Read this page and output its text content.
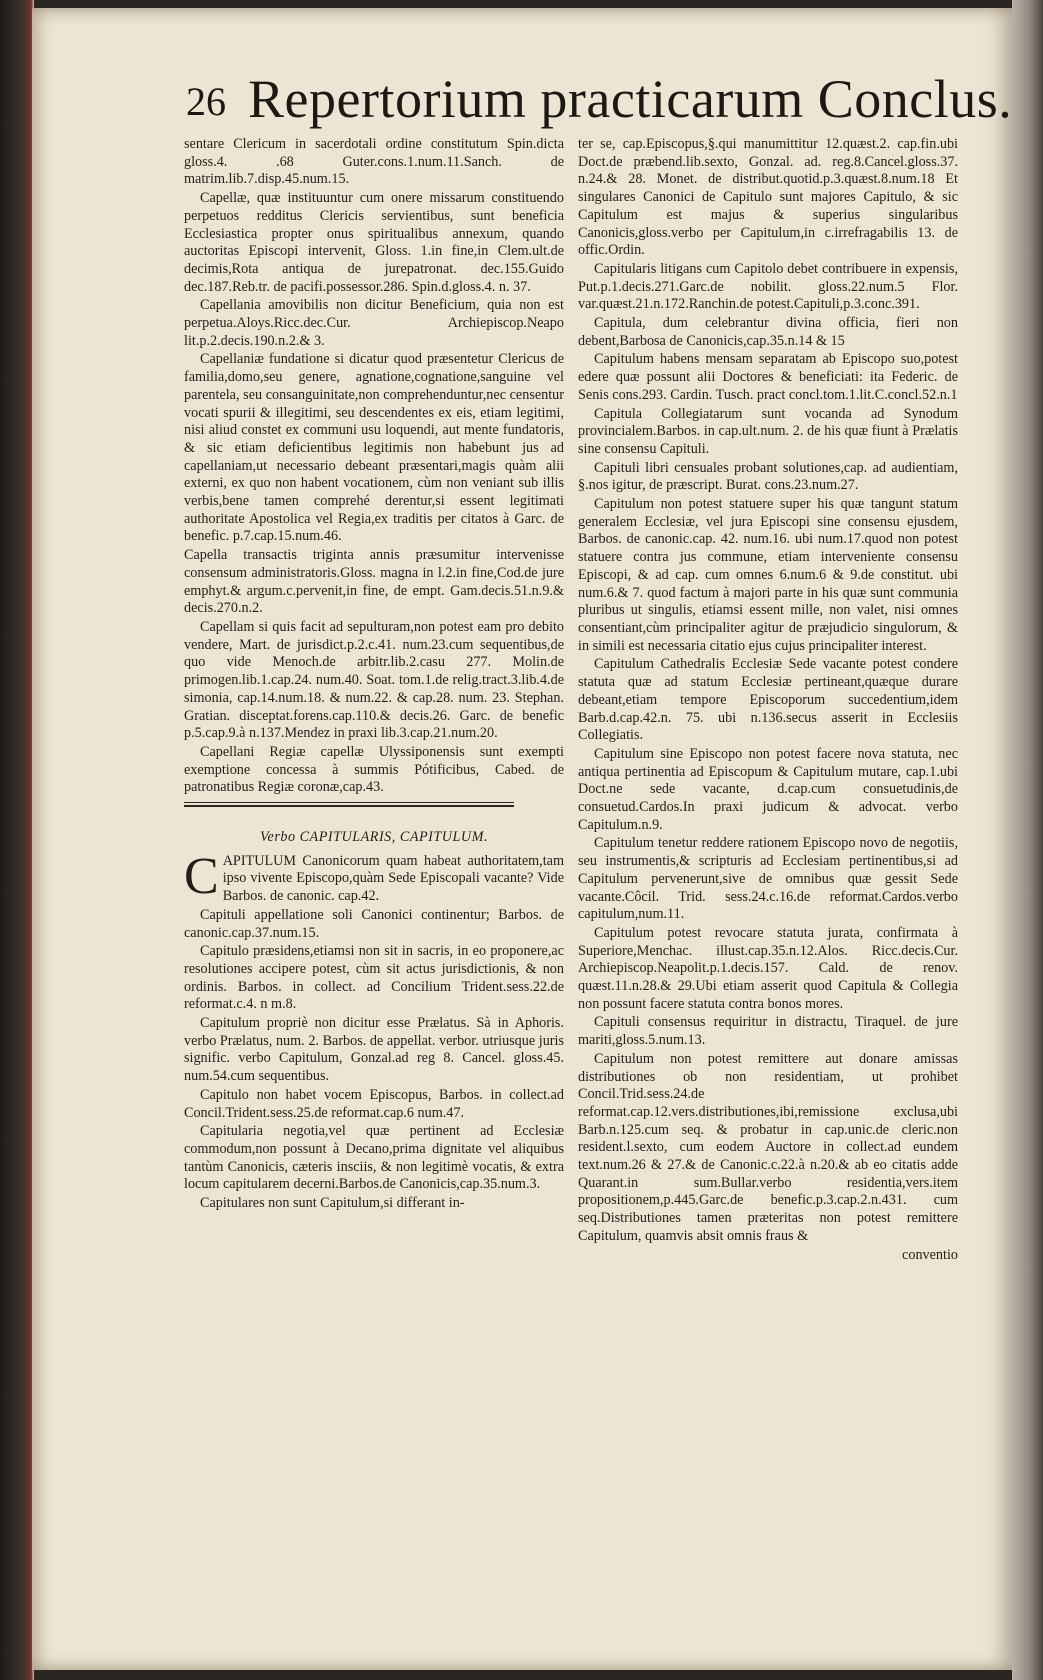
26 Repertorium practicarum Conclus.

sentare Clericum in sacerdotali ordine constitutum Spin.dicta gloss.4. .68 Guter.cons.1.num.11.Sanch. de matrim.lib.7.disp.45.num.15.

Capellæ, quæ instituuntur cum onere missarum constituendo perpetuos redditus Clericis servientibus, sunt beneficia Ecclesiastica propter onus spiritualibus annexum, quando auctoritas Episcopi intervenit, Gloss. 1.in fine,in Clem.ult.de decimis,Rota antiqua de jurepatronat. dec.155.Guido dec.187.Reb.tr. de pacifi.possessor.286. Spin.d.gloss.4. n. 37.

Capellania amovibilis non dicitur Beneficium, quia non est perpetua.Aloys.Ricc.dec.Cur. Archiepiscop.Neapo lit.p.2.decis.190.n.2.& 3.

Capellaniæ fundatione si dicatur quod præsentetur Clericus de familia,domo,seu genere, agnatione,cognatione,sanguine vel parentela, seu consanguinitate,non comprehenduntur,nec censentur vocati spurii & illegitimi, seu descendentes ex eis, etiam legitimi, nisi aliud constet ex communi usu loquendi, aut mente fundatoris, & sic etiam deficientibus legitimis non habebunt jus ad capellaniam,ut necessario debeant præsentari,magis quàm alii externi, ex quo non habent vocationem, cùm non veniant sub illis verbis,bene tamen comprehé derentur,si essent legitimati authoritate Apostolica vel Regia,ex traditis per citatos à Garc. de benefic. p.7.cap.15.num.46.

Capella transactis triginta annis præsumitur intervenisse consensum administratoris.Gloss. magna in l.2.in fine,Cod.de jure emphyt.& argum.c.pervenit,in fine, de empt. Gam.decis.51.n.9.& decis.270.n.2.

Capellam si quis facit ad sepulturam,non potest eam pro debito vendere, Mart. de jurisdict.p.2.c.41. num.23.cum sequentibus,de quo vide Menoch.de arbitr.lib.2.casu 277. Molin.de primogen.lib.1.cap.24. num.40. Soat. tom.1.de relig.tract.3.lib.4.de simonia, cap.14.num.18. & num.22. & cap.28. num. 23. Stephan. Gratian. disceptat.forens.cap.110.& decis.26. Garc. de benefic p.5.cap.9.à n.137.Mendez in praxi lib.3.cap.21.num.20.

Capellani Regiæ capellæ Ulyssiponensis sunt exempti exemptione concessa à summis Pótificibus, Cabed. de patronatibus Regiæ coronæ,cap.43.

Verbo CAPITULARIS, CAPITULUM.

CAPITULUM Canonicorum quam habeat authoritatem,tam ipso vivente Episcopo,quàm Sede Episcopali vacante? Vide Barbos. de canonic. cap.42.

Capituli appellatione soli Canonici continentur; Barbos. de canonic.cap.37.num.15.

Capitulo præsidens,etiamsi non sit in sacris, in eo proponere,ac resolutiones accipere potest, cùm sit actus jurisdictionis, & non ordinis. Barbos. in collect. ad Concilium Trident.sess.22.de reformat.c.4. n m.8.

Capitulum propriè non dicitur esse Prælatus. Sà in Aphoris. verbo Prælatus, num. 2. Barbos. de appellat. verbor. utriusque juris signific. verbo Capitulum, Gonzal.ad reg 8. Cancel. gloss.45. num.54.cum sequentibus.

Capitulo non habet vocem Episcopus, Barbos. in collect.ad Concil.Trident.sess.25.de reformat.cap.6 num.47.

Capitularia negotia,vel quæ pertinent ad Ecclesiæ commodum,non possunt à Decano,prima dignitate vel aliquibus tantùm Canonicis, cæteris insciis, & non legitimè vocatis, & extra locum capitularem decerni.Barbos.de Canonicis,cap.35.num.3.

Capitulares non sunt Capitulum,si differant in-

ter se, cap.Episcopus,§.qui manumittitur 12.quæst.2. cap.fin.ubi Doct.de præbend.lib.sexto, Gonzal. ad. reg.8.Cancel.gloss.37. n.24.& 28. Monet. de distribut.quotid.p.3.quæst.8.num.18 Et singulares Canonici de Capitulo sunt majores Capitulo, & sic Capitulum est majus & superius singularibus Canonicis,gloss.verbo per Capitulum,in c.irrefragabilis 13. de offic.Ordin.

Capitularis litigans cum Capitolo debet contribuere in expensis, Put.p.1.decis.271.Garc.de nobilit. gloss.22.num.5 Flor. var.quæst.21.n.172.Ranchin.de potest.Capituli,p.3.conc.391.

Capitula, dum celebrantur divina officia, fieri non debent,Barbosa de Canonicis,cap.35.n.14 & 15

Capitulum habens mensam separatam ab Episcopo suo,potest edere quæ possunt alii Doctores & beneficiati: ita Federic. de Senis cons.293. Cardin. Tusch. pract concl.tom.1.lit.C.concl.52.n.1

Capitula Collegiatarum sunt vocanda ad Synodum provincialem.Barbos. in cap.ult.num. 2. de his quæ fiunt à Prælatis sine consensu Capituli.

Capituli libri censuales probant solutiones,cap. ad audientiam, §.nos igitur, de præscript. Burat. cons.23.num.27.

Capitulum non potest statuere super his quæ tangunt statum generalem Ecclesiæ, vel jura Episcopi sine consensu ejusdem, Barbos. de canonic.cap. 42. num.16. ubi num.17.quod non potest statuere contra jus commune, etiam interveniente consensu Episcopi, & ad cap. cum omnes 6.num.6 & 9.de constitut. ubi num.6.& 7. quod factum à majori parte in his quæ sunt communia pluribus ut singulis, etiamsi essent mille, non valet, nisi omnes consentiant,cùm principaliter agitur de præjudicio singulorum, & in simili est necessaria citatio ejus cujus principaliter interest.

Capitulum Cathedralis Ecclesiæ Sede vacante potest condere statuta quæ ad statum Ecclesiæ pertineant,quæque durare debeant,etiam tempore Episcoporum succedentium,idem Barb.d.cap.42.n. 75. ubi n.136.secus asserit in Ecclesiis Collegiatis.

Capitulum sine Episcopo non potest facere nova statuta, nec antiqua pertinentia ad Episcopum & Capitulum mutare, cap.1.ubi Doct.ne sede vacante, d.cap.cum consuetudinis,de consuetud.Cardos.In praxi judicum & advocat. verbo Capitulum.n.9.

Capitulum tenetur reddere rationem Episcopo novo de negotiis, seu instrumentis,& scripturis ad Ecclesiam pertinentibus,si ad Capitulum pervenerunt,sive de omnibus quæ gessit Sede vacante.Côcil. Trid. sess.24.c.16.de reformat.Cardos.verbo capitulum,num.11.

Capitulum potest revocare statuta jurata, confirmata à Superiore,Menchac. illust.cap.35.n.12.Alos. Ricc.decis.Cur. Archiepiscop.Neapolit.p.1.decis.157. Cald. de renov. quæst.11.n.28.& 29.Ubi etiam asserit quod Capitula & Collegia non possunt facere statuta contra bonos mores.

Capituli consensus requiritur in distractu, Tiraquel. de jure mariti,gloss.5.num.13.

Capitulum non potest remittere aut donare amissas distributiones ob non residentiam, ut prohibet Concil.Trid.sess.24.de reformat.cap.12.vers.distributiones,ibi,remissione exclusa,ubi Barb.n.125.cum seq. & probatur in cap.unic.de cleric.non resident.l.sexto, cum eodem Auctore in collect.ad eundem text.num.26 & 27.& de Canonic.c.22.à n.20.& ab eo citatis adde Quarant.in sum.Bullar.verbo residentia,vers.item propositionem,p.445.Garc.de benefic.p.3.cap.2.n.431. cum seq.Distributiones tamen præteritas non potest remittere Capitulum, quamvis absit omnis fraus &

conventio
